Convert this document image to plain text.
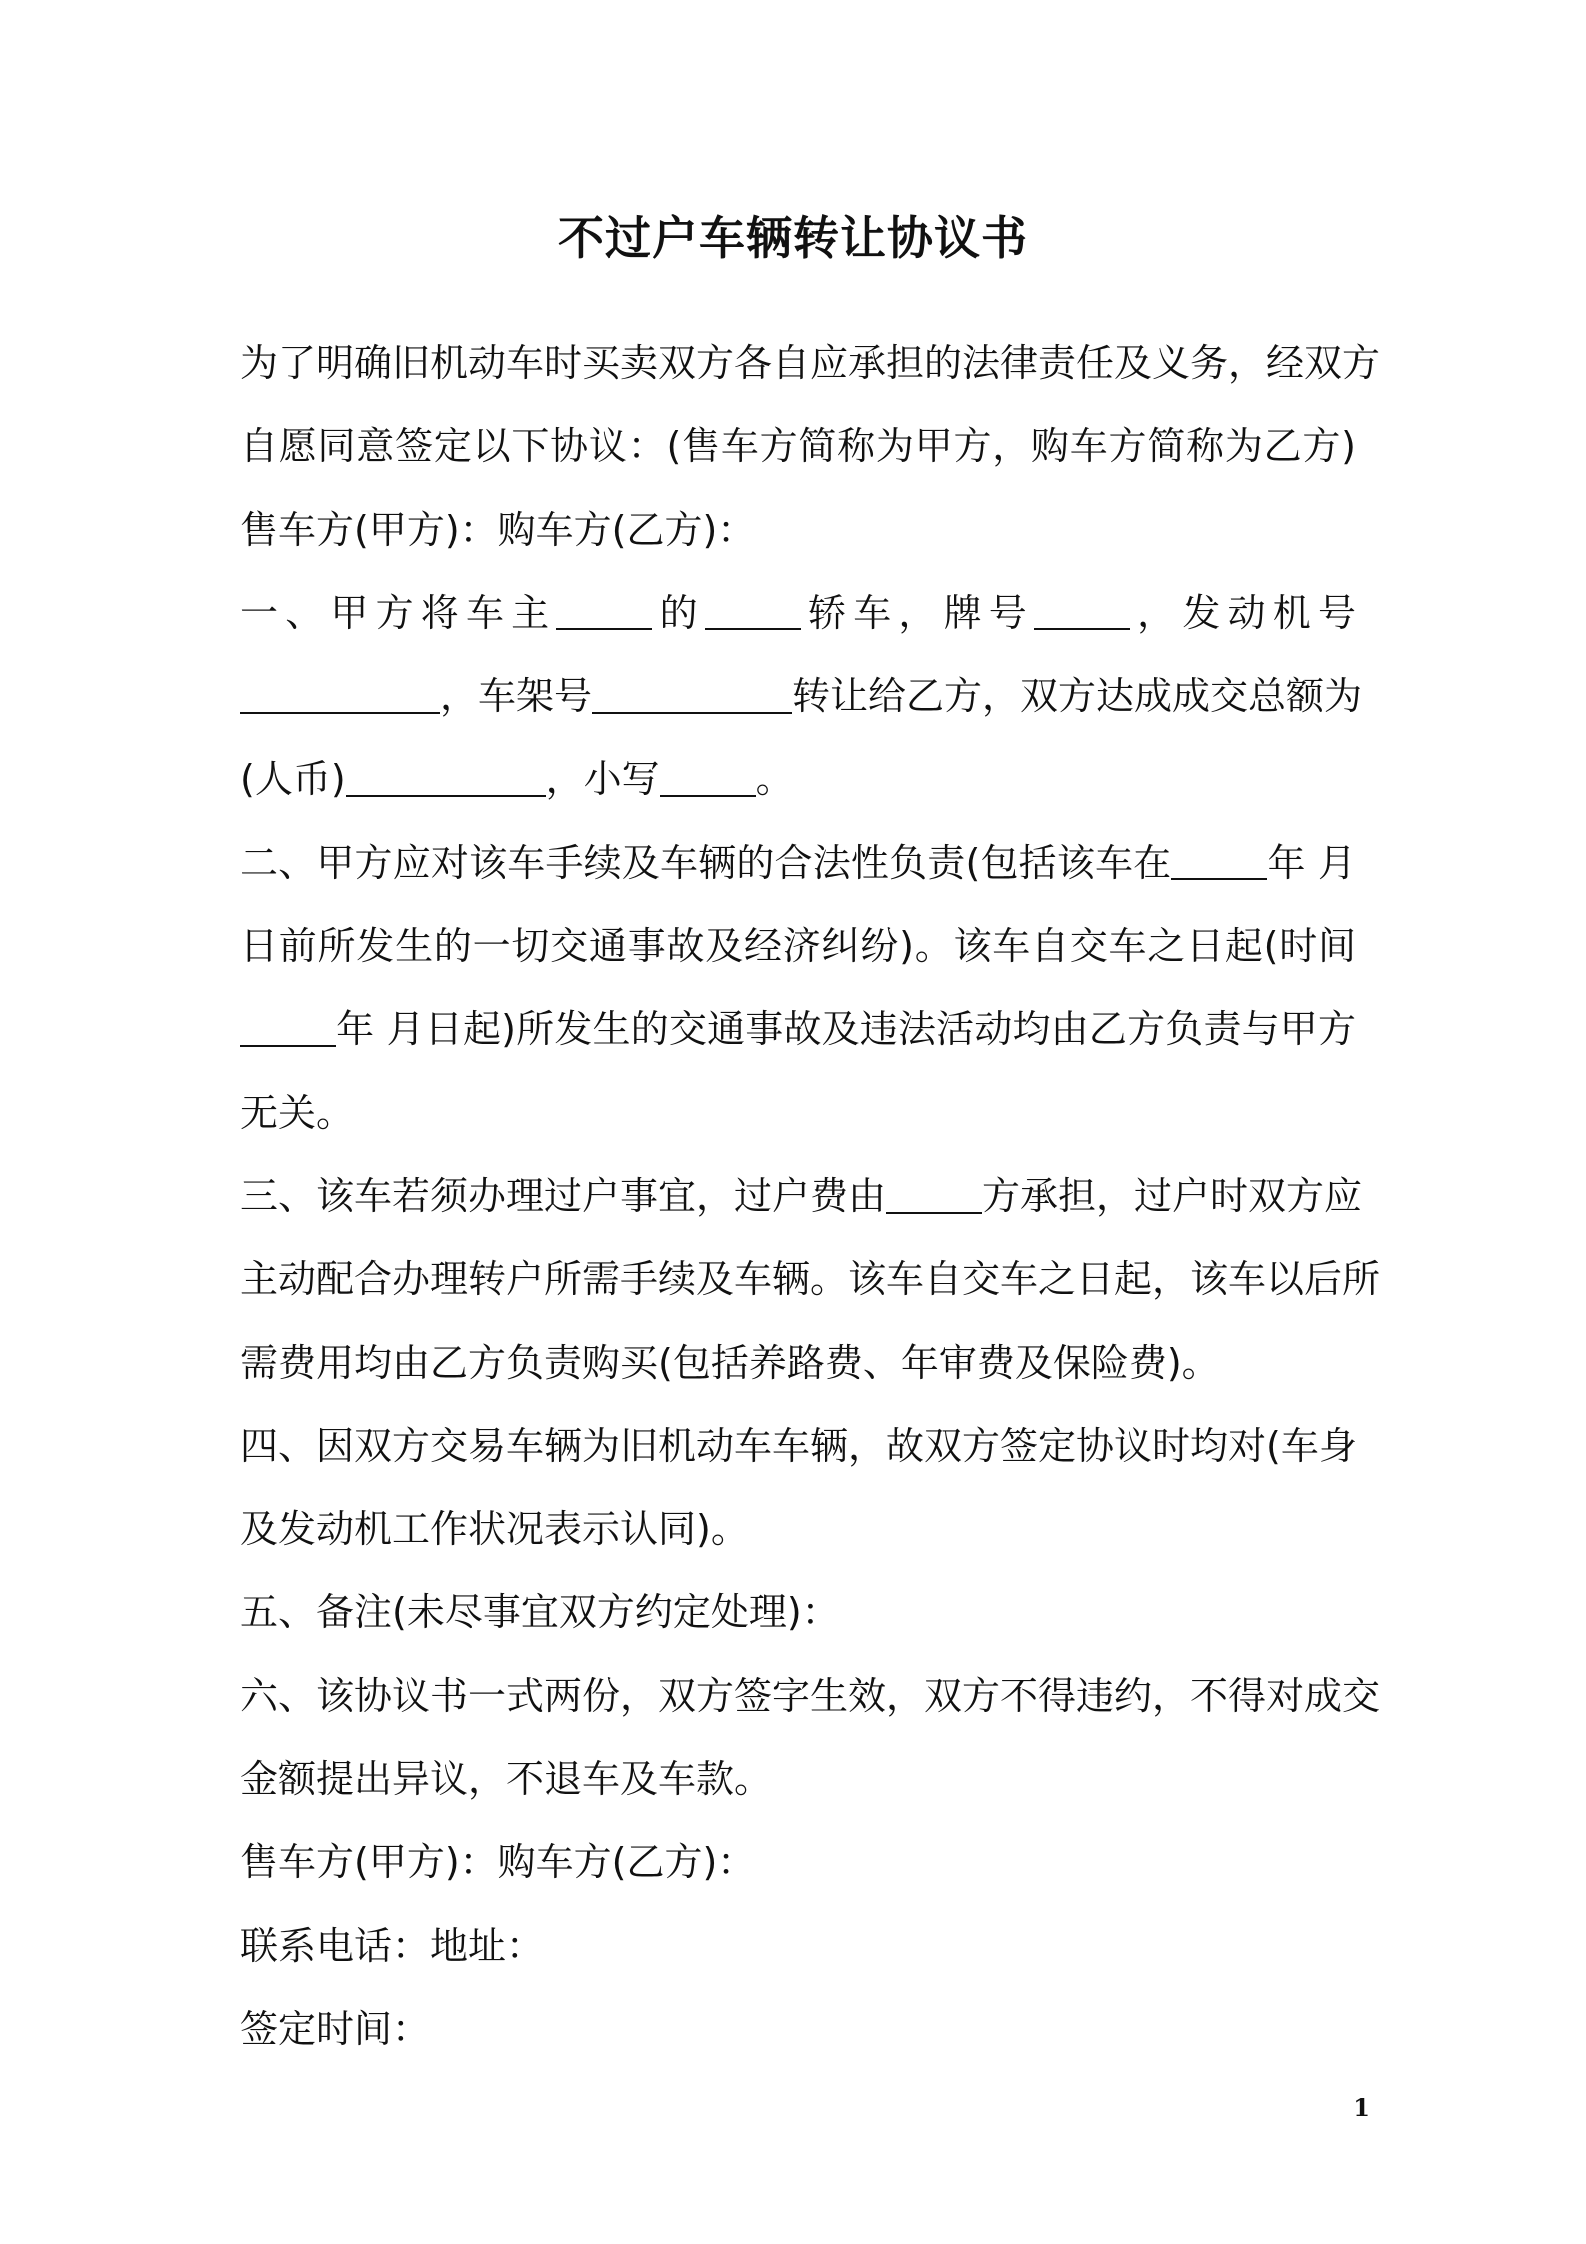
不过户车辆转让协议书
为了明确旧机动车时买卖双方各自应承担的法律责任及义务，经双方
自愿同意签定以下协议：(售车方简称为甲方，购车方简称为乙方)
售车方(甲方)：购车方(乙方)：
一、甲方将车主	的	轿车，牌号	，发动机号
，车架号	转让给乙方，双方达成成交总额为
(人币)	，小写	。
二、甲方应对该车手续及车辆的合法性负责(包括该车在	年 月
日前所发生的一切交通事故及经济纠纷)。该车自交车之日起(时间
年 月日起)所发生的交通事故及违法活动均由乙方负责与甲方
无关。
三、该车若须办理过户事宜，过户费由	方承担，过户时双方应
主动配合办理转户所需手续及车辆。该车自交车之日起，该车以后所
需费用均由乙方负责购买(包括养路费、年审费及保险费)。
四、因双方交易车辆为旧机动车车辆，故双方签定协议时均对(车身
及发动机工作状况表示认同)。
五、备注(未尽事宜双方约定处理)：
六、该协议书一式两份，双方签字生效，双方不得违约，不得对成交
金额提出异议，不退车及车款。
售车方(甲方)：购车方(乙方)：
联系电话：地址：
签定时间：
1
